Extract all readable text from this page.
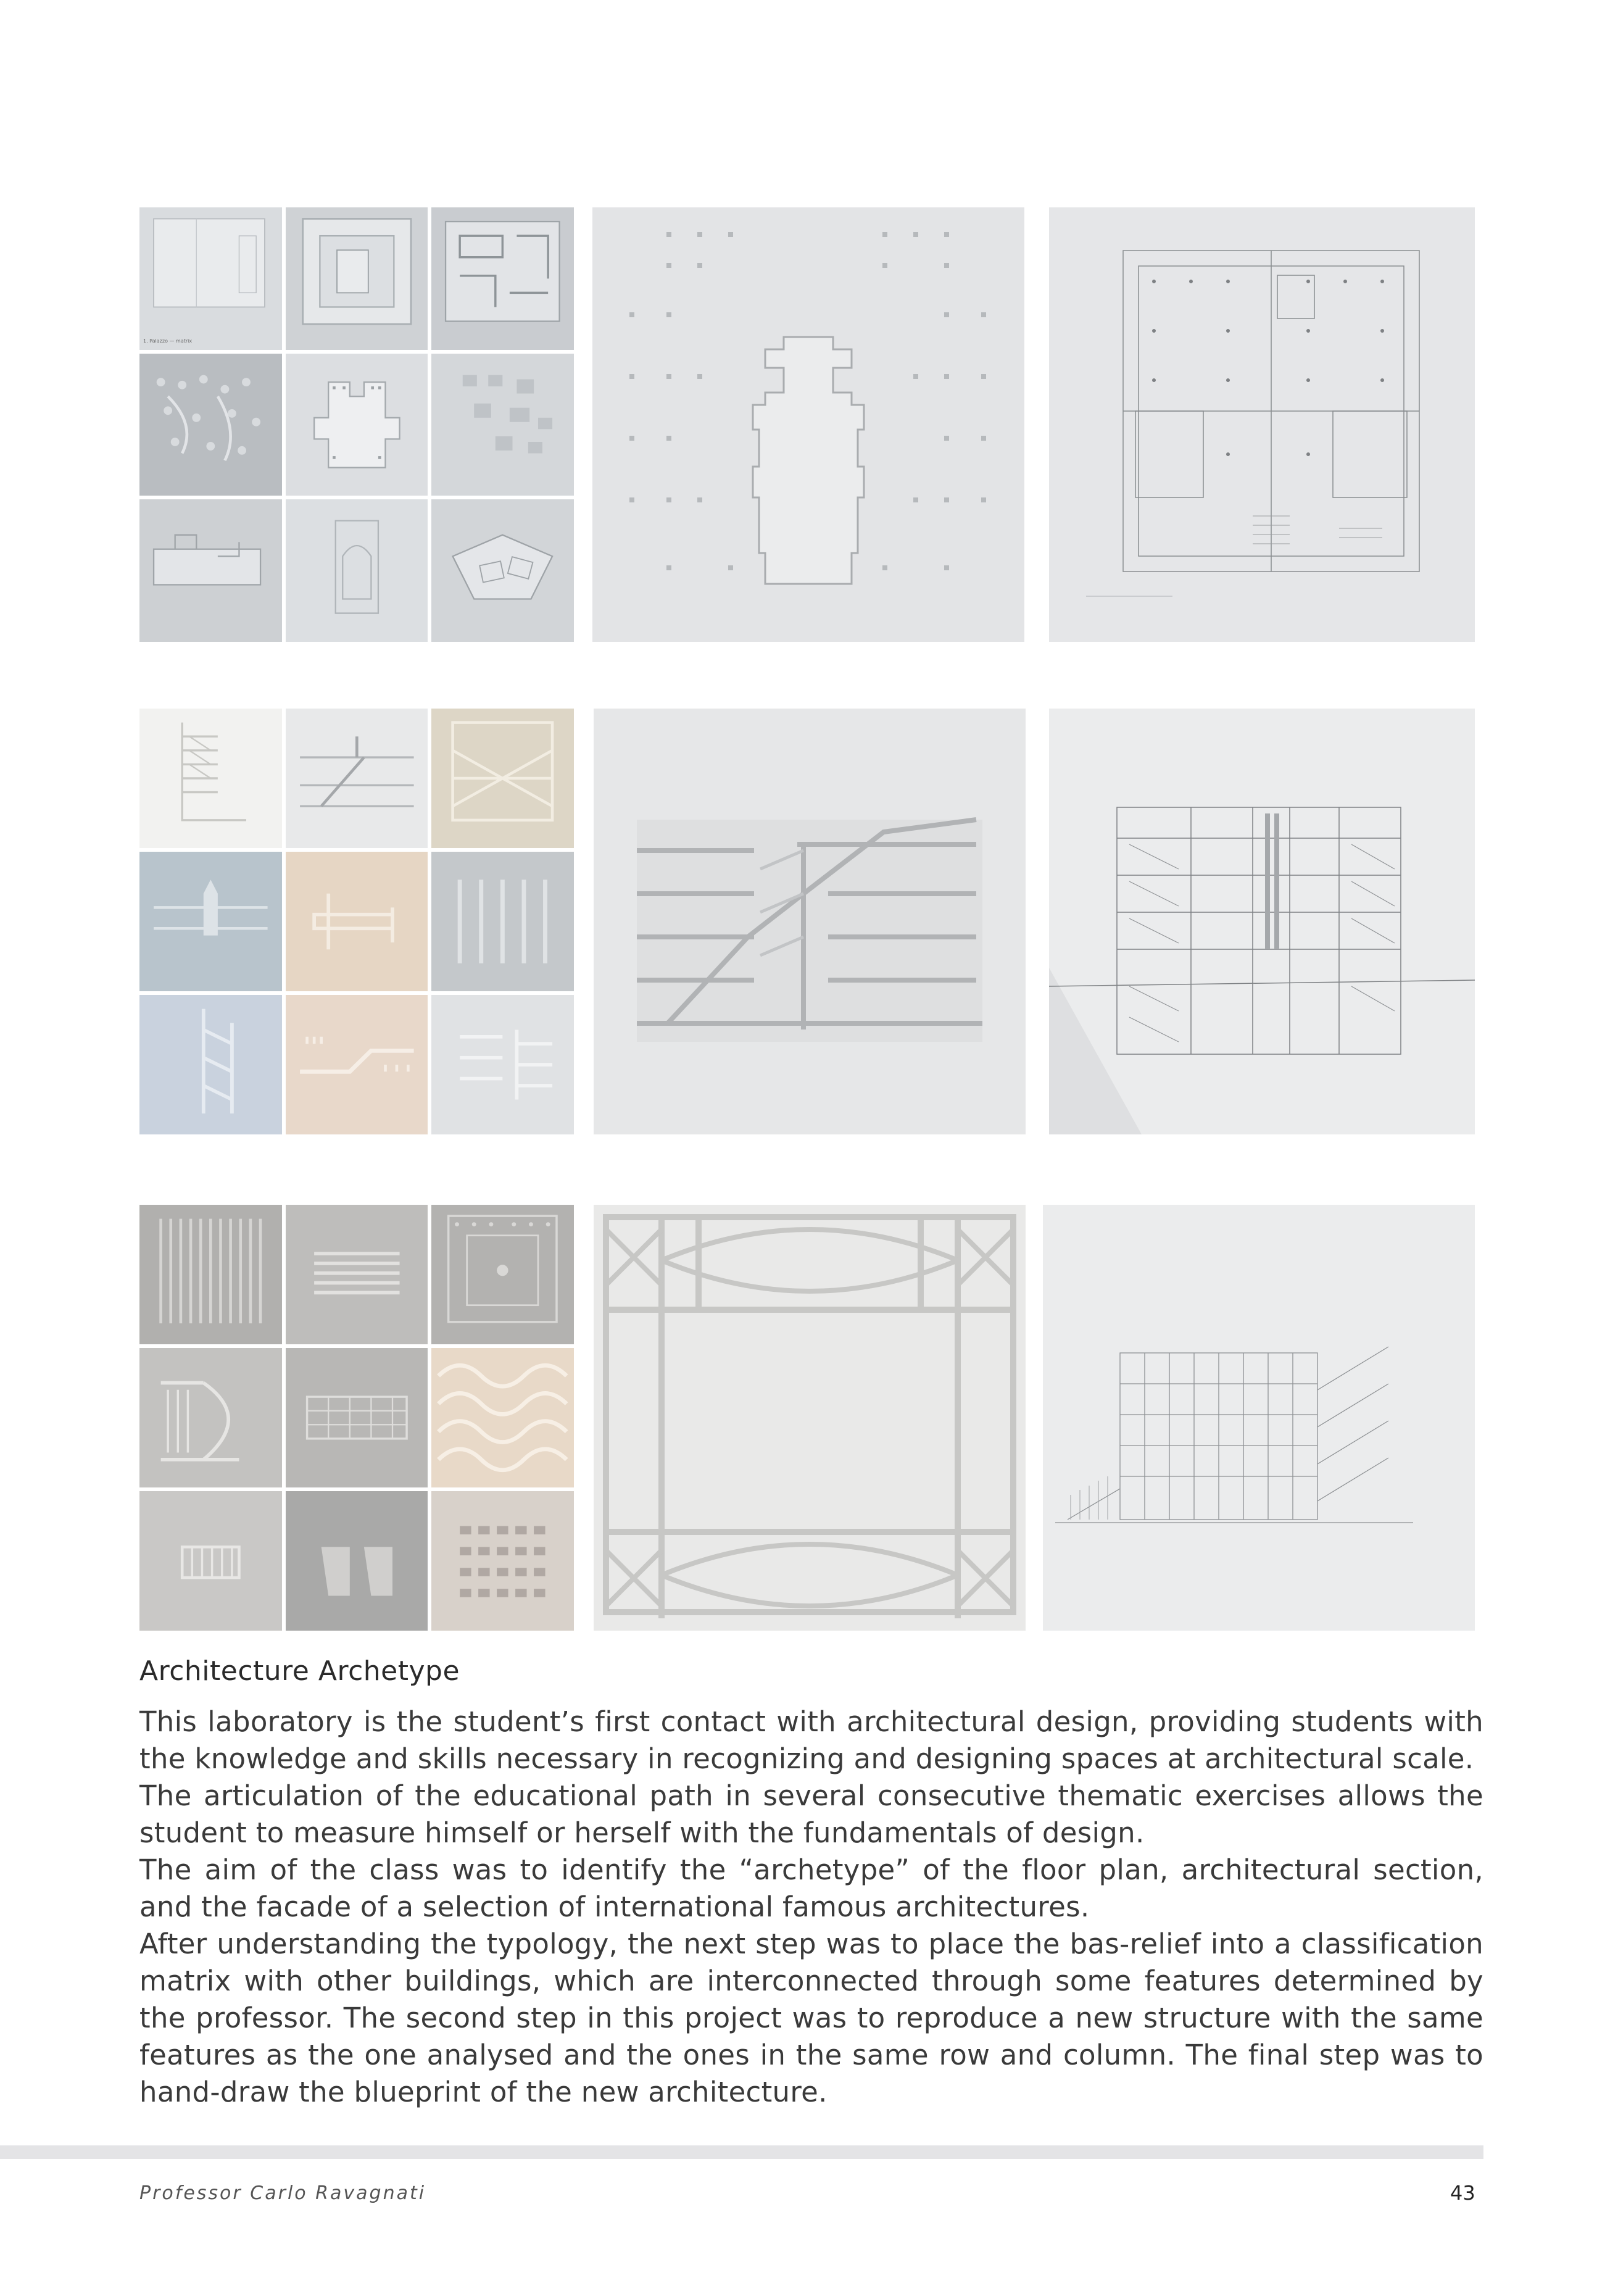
1. Palazzo — matrix
Architecture Archetype

This laboratory is the student’s first contact with architectural design, providing students with the knowledge and skills necessary in recognizing and designing spaces at architectural scale.

The articulation of the educational path in several consecutive thematic exercises allows the student to measure himself or herself with the fundamentals of design.

The aim of the class was to identify the “archetype” of the floor plan, architectural section, and the facade of a selection of international famous architectures.

After understanding the typology, the next step was to place the bas-relief into a classification matrix with other buildings, which are interconnected through some features determined by the professor. The second step in this project was to reproduce a new structure with the same features as the one analysed and the ones in the same row and column. The final step was to hand-draw the blueprint of the new architecture.

Professor Carlo Ravagnati	43
